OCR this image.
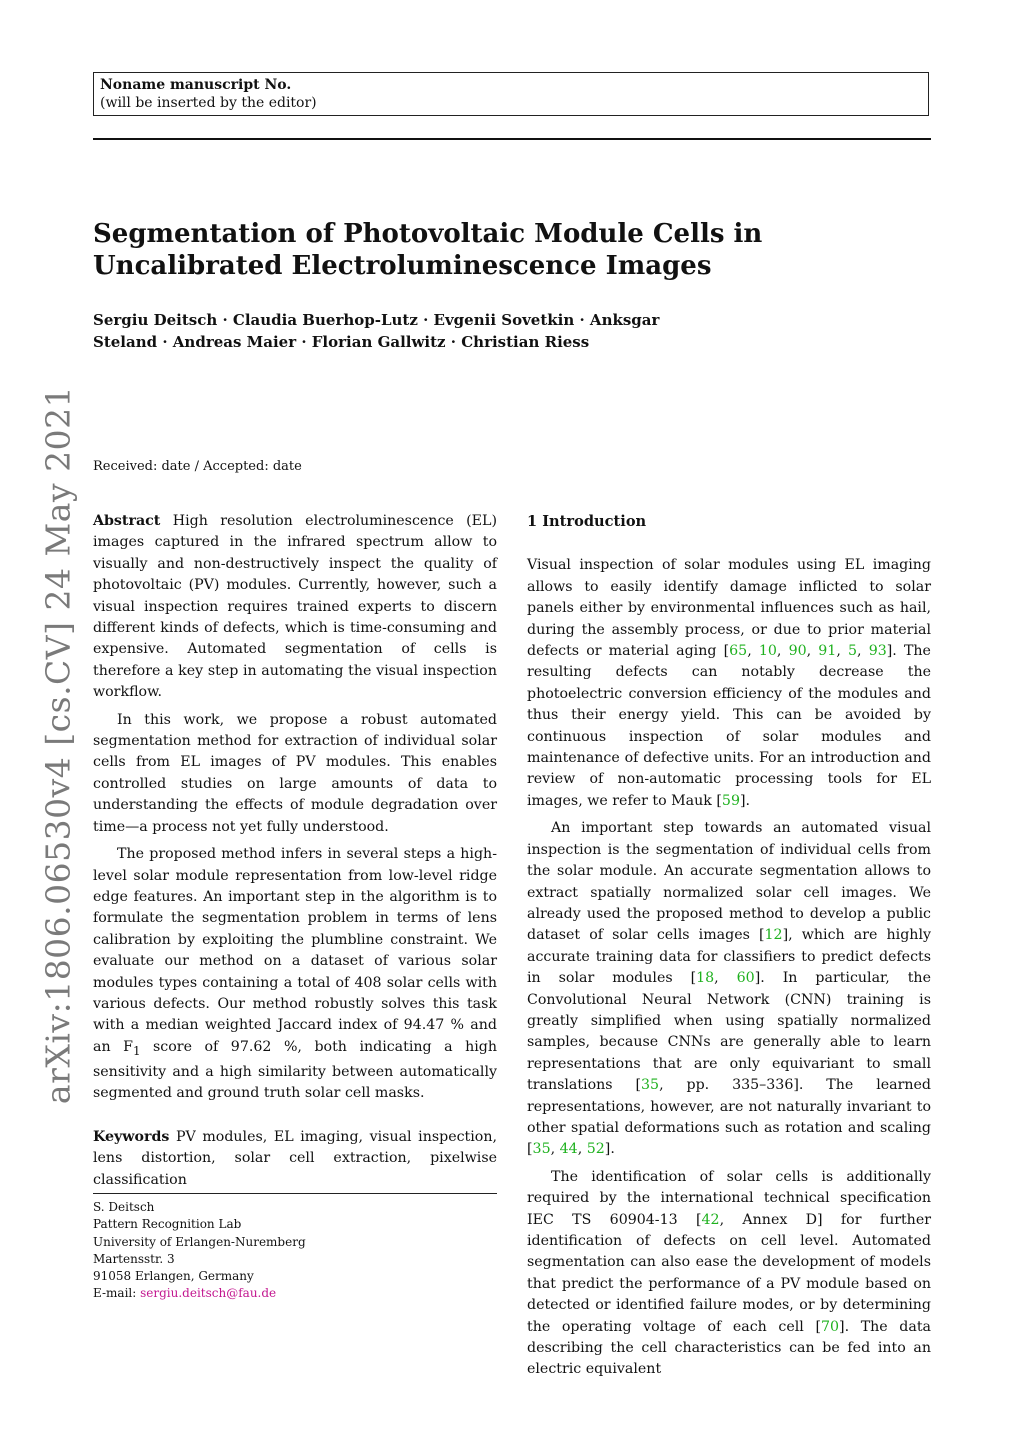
Noname manuscript No.
(will be inserted by the editor)
Segmentation of Photovoltaic Module Cells in Uncalibrated Electroluminescence Images
Sergiu Deitsch · Claudia Buerhop-Lutz · Evgenii Sovetkin · Anksgar Steland · Andreas Maier · Florian Gallwitz · Christian Riess
Received: date / Accepted: date
arXiv:1806.06530v4 [cs.CV] 24 May 2021 Abstract High resolution electroluminescence (EL) images captured in the infrared spectrum allow to visually and non-destructively inspect the quality of photovoltaic (PV) modules. Currently, however, such a visual inspection requires trained experts to discern different kinds of defects, which is time-consuming and expensive. Automated segmentation of cells is therefore a key step in automating the visual inspection workflow.

In this work, we propose a robust automated segmentation method for extraction of individual solar cells from EL images of PV modules. This enables controlled studies on large amounts of data to understanding the effects of module degradation over time—a process not yet fully understood.

The proposed method infers in several steps a high-level solar module representation from low-level ridge edge features. An important step in the algorithm is to formulate the segmentation problem in terms of lens calibration by exploiting the plumbline constraint. We evaluate our method on a dataset of various solar modules types containing a total of 408 solar cells with various defects. Our method robustly solves this task with a median weighted Jaccard index of 94.47 % and an $F_1$ score of 97.62 %, both indicating a high sensitivity and a high similarity between automatically segmented and ground truth solar cell masks.

Keywords PV modules, EL imaging, visual inspection, lens distortion, solar cell extraction, pixelwise classification

S. Deitsch
Pattern Recognition Lab
University of Erlangen-Nuremberg
Martensstr. 3
91058 Erlangen, Germany
E-mail: sergiu.deitsch@fau.de
1 Introduction

Visual inspection of solar modules using EL imaging allows to easily identify damage inflicted to solar panels either by environmental influences such as hail, during the assembly process, or due to prior material defects or material aging [65, 10, 90, 91, 5, 93]. The resulting defects can notably decrease the photoelectric conversion efficiency of the modules and thus their energy yield. This can be avoided by continuous inspection of solar modules and maintenance of defective units. For an introduction and review of non-automatic processing tools for EL images, we refer to Mauk [59].

An important step towards an automated visual inspection is the segmentation of individual cells from the solar module. An accurate segmentation allows to extract spatially normalized solar cell images. We already used the proposed method to develop a public dataset of solar cells images [12], which are highly accurate training data for classifiers to predict defects in solar modules [18, 60]. In particular, the Convolutional Neural Network (CNN) training is greatly simplified when using spatially normalized samples, because CNNs are generally able to learn representations that are only equivariant to small translations [35, pp. 335–336]. The learned representations, however, are not naturally invariant to other spatial deformations such as rotation and scaling [35, 44, 52].

The identification of solar cells is additionally required by the international technical specification IEC TS 60904-13 [42, Annex D] for further identification of defects on cell level. Automated segmentation can also ease the development of models that predict the performance of a PV module based on detected or identified failure modes, or by determining the operating voltage of each cell [70]. The data describing the cell characteristics can be fed into an electric equivalent
